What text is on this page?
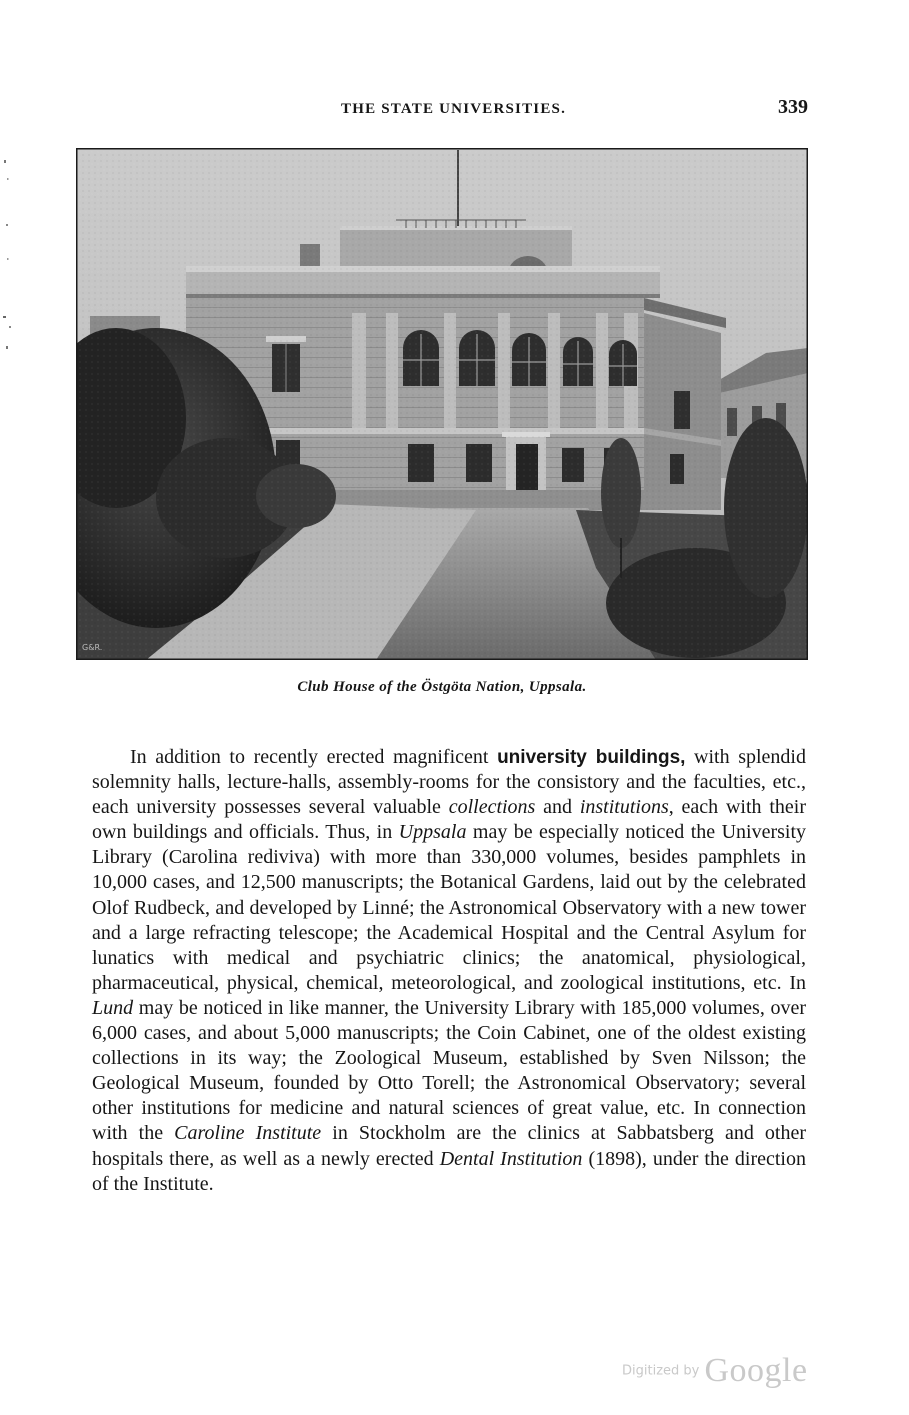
THE STATE UNIVERSITIES.	339
G&R.
Club House of the Östgöta Nation, Uppsala.

In addition to recently erected magnificent university buildings, with splendid solemnity halls, lecture-halls, assembly-rooms for the consistory and the faculties, etc., each university possesses several valuable collections and institutions, each with their own buildings and officials. Thus, in Uppsala may be especially noticed the University Library (Carolina rediviva) with more than 330,000 volumes, besides pamphlets in 10,000 cases, and 12,500 manuscripts; the Botanical Gardens, laid out by the celebrated Olof Rudbeck, and developed by Linné; the Astronomical Observatory with a new tower and a large refracting telescope; the Academical Hospital and the Central Asylum for lunatics with medical and psychiatric clinics; the anatomical, physiological, pharmaceutical, physical, chemical, meteorological, and zoological institutions, etc. In Lund may be noticed in like manner, the University Library with 185,000 volumes, over 6,000 cases, and about 5,000 manuscripts; the Coin Cabinet, one of the oldest existing collections in its way; the Zoological Museum, established by Sven Nilsson; the Geological Museum, founded by Otto Torell; the Astronomical Observatory; several other institutions for medicine and natural sciences of great value, etc. In connection with the Caroline Institute in Stockholm are the clinics at Sabbatsberg and other hospitals there, as well as a newly erected Dental Institution (1898), under the direction of the Institute.

Digitized by Google
